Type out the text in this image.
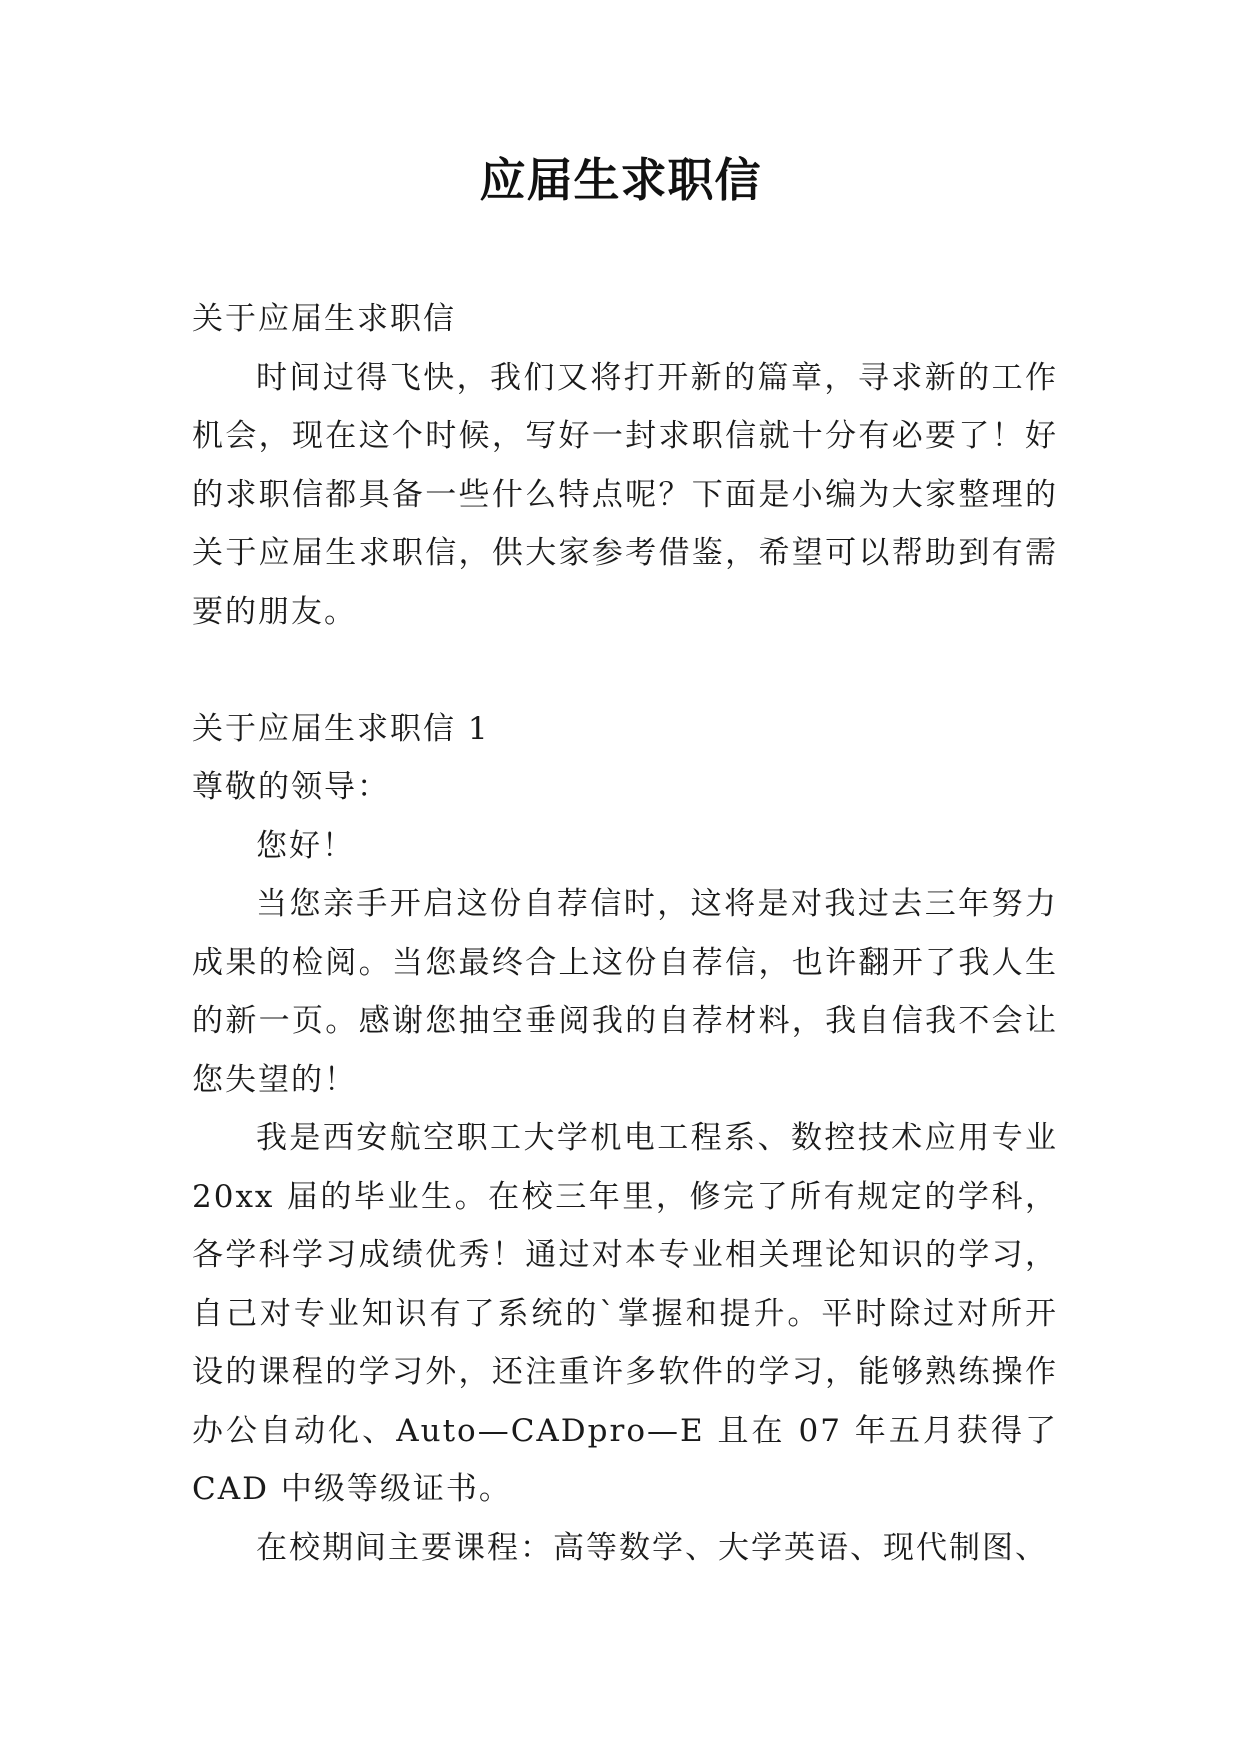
应届生求职信

关于应届生求职信

时间过得飞快，我们又将打开新的篇章，寻求新的工作机会，现在这个时候，写好一封求职信就十分有必要了！好的求职信都具备一些什么特点呢？下面是小编为大家整理的关于应届生求职信，供大家参考借鉴，希望可以帮助到有需要的朋友。

关于应届生求职信 1

尊敬的领导：

您好！

当您亲手开启这份自荐信时，这将是对我过去三年努力成果的检阅。当您最终合上这份自荐信，也许翻开了我人生的新一页。感谢您抽空垂阅我的自荐材料，我自信我不会让您失望的！

我是西安航空职工大学机电工程系、数控技术应用专业 20xx 届的毕业生。在校三年里，修完了所有规定的学科，各学科学习成绩优秀！通过对本专业相关理论知识的学习，自己对专业知识有了系统的`掌握和提升。平时除过对所开设的课程的学习外，还注重许多软件的学习，能够熟练操作办公自动化、Auto—CADpro—E 且在 07 年五月获得了 CAD 中级等级证书。

在校期间主要课程：高等数学、大学英语、现代制图、
